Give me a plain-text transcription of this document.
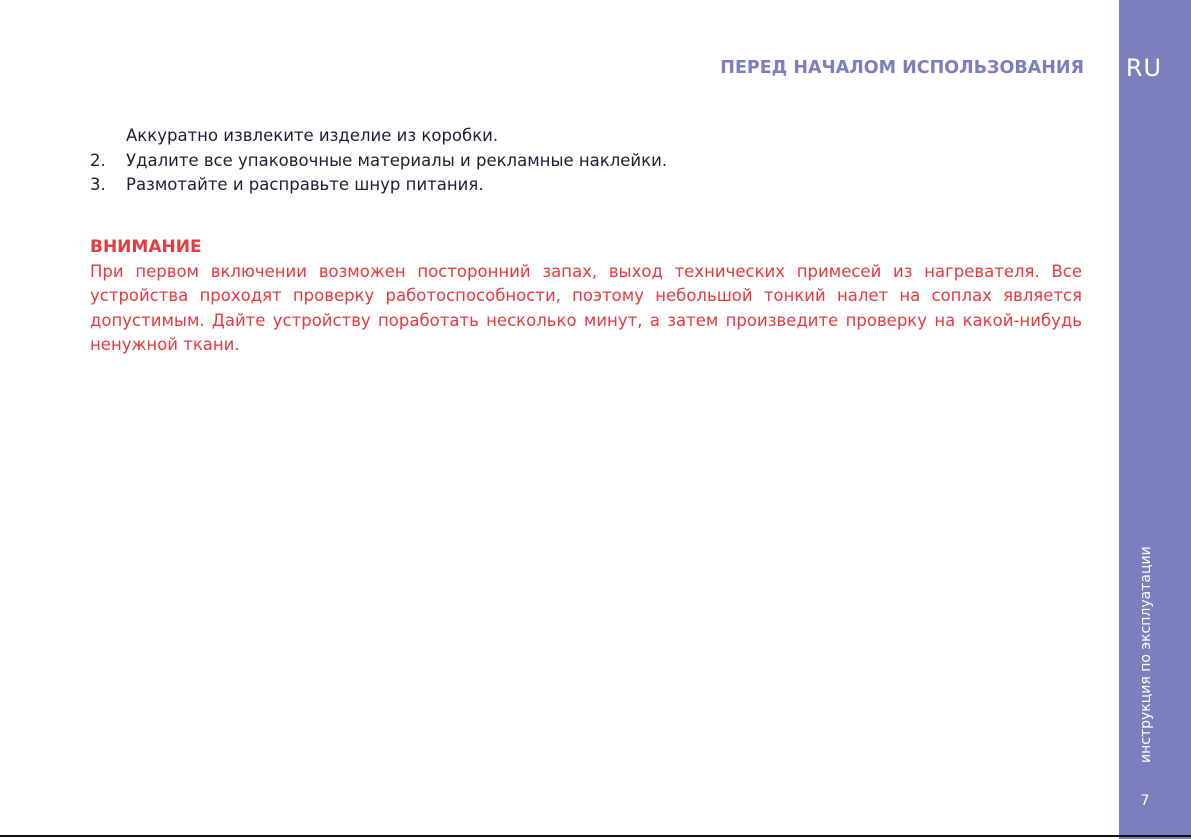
RU
инструкция по эксплуатации
7
ПЕРЕД НАЧАЛОМ ИСПОЛЬЗОВАНИЯ
Аккуратно извлеките изделие из коробки.
2.	Удалите все упаковочные материалы и рекламные наклейки.
3.	Размотайте и расправьте шнур питания.

ВНИМАНИЕ

При первом включении возможен посторонний запах, выход технических примесей из нагревателя. Все устройства проходят проверку работоспособности, поэтому небольшой тонкий налет на соплах является допустимым. Дайте устройству поработать несколько минут, а затем произведите проверку на какой-нибудь ненужной ткани.
